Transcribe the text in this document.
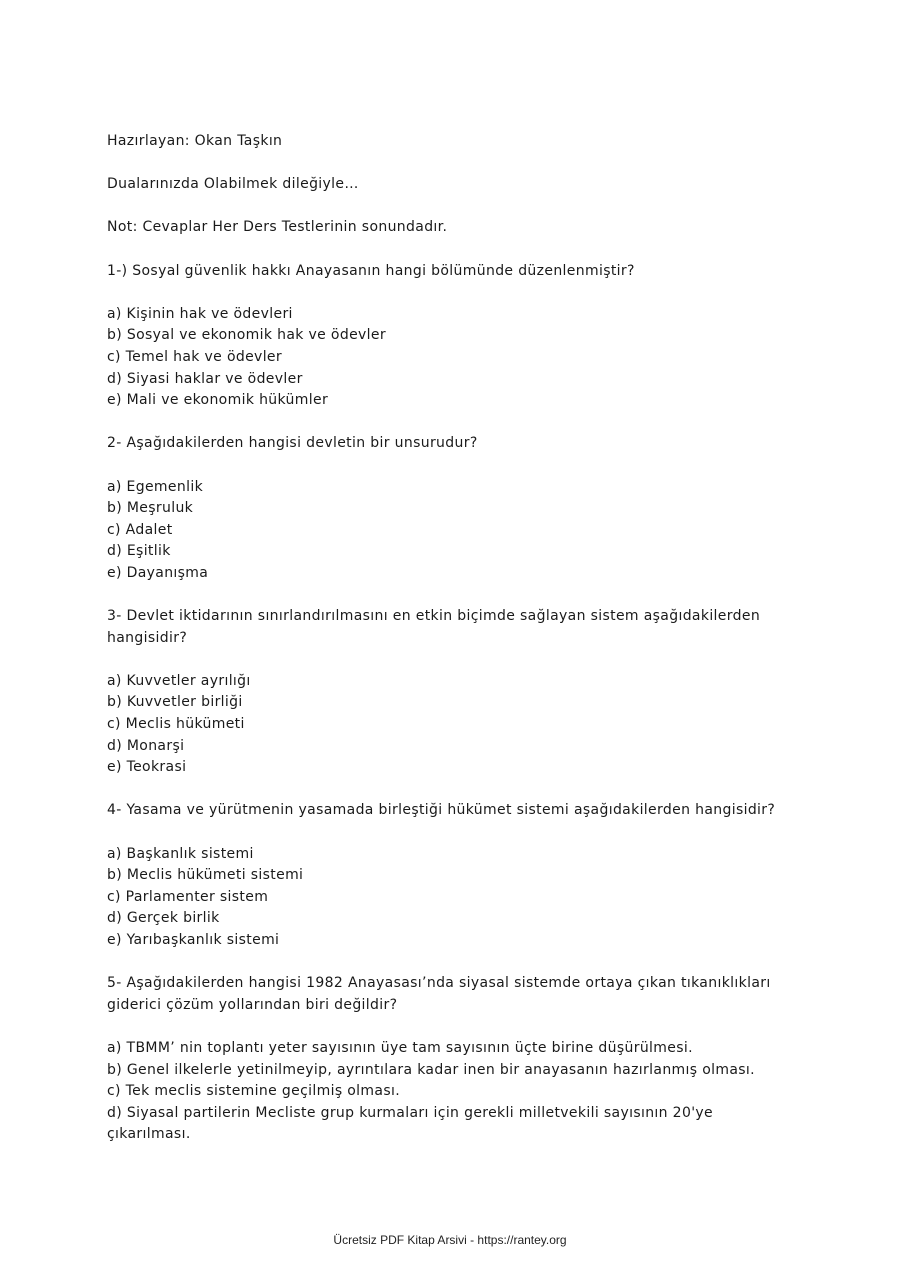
Hazırlayan: Okan Taşkın
Dualarınızda Olabilmek dileğiyle…
Not: Cevaplar Her Ders Testlerinin sonundadır.
1-) Sosyal güvenlik hakkı Anayasanın hangi bölümünde düzenlenmiştir?
a) Kişinin hak ve ödevleri
b) Sosyal ve ekonomik hak ve ödevler
c) Temel hak ve ödevler
d) Siyasi haklar ve ödevler
e) Mali ve ekonomik hükümler
2- Aşağıdakilerden hangisi devletin bir unsurudur?
a) Egemenlik
b) Meşruluk
c) Adalet
d) Eşitlik
e) Dayanışma
3- Devlet iktidarının sınırlandırılmasını en etkin biçimde sağlayan sistem aşağıdakilerden hangisidir?
a) Kuvvetler ayrılığı
b) Kuvvetler birliği
c) Meclis hükümeti
d) Monarşi
e) Teokrasi
4- Yasama ve yürütmenin yasamada birleştiği hükümet sistemi aşağıdakilerden hangisidir?
a) Başkanlık sistemi
b) Meclis hükümeti sistemi
c) Parlamenter sistem
d) Gerçek birlik
e) Yarıbaşkanlık sistemi
5- Aşağıdakilerden hangisi 1982 Anayasası’nda siyasal sistemde ortaya çıkan tıkanıklıkları giderici çözüm yollarından biri değildir?
a) TBMM’ nin toplantı yeter sayısının üye tam sayısının üçte birine düşürülmesi.
b) Genel ilkelerle yetinilmeyip, ayrıntılara kadar inen bir anayasanın hazırlanmış olması.
c) Tek meclis sistemine geçilmiş olması.
d) Siyasal partilerin Mecliste grup kurmaları için gerekli milletvekili sayısının 20'ye çıkarılması.
Ücretsiz PDF Kitap Arsivi - https://rantey.org
